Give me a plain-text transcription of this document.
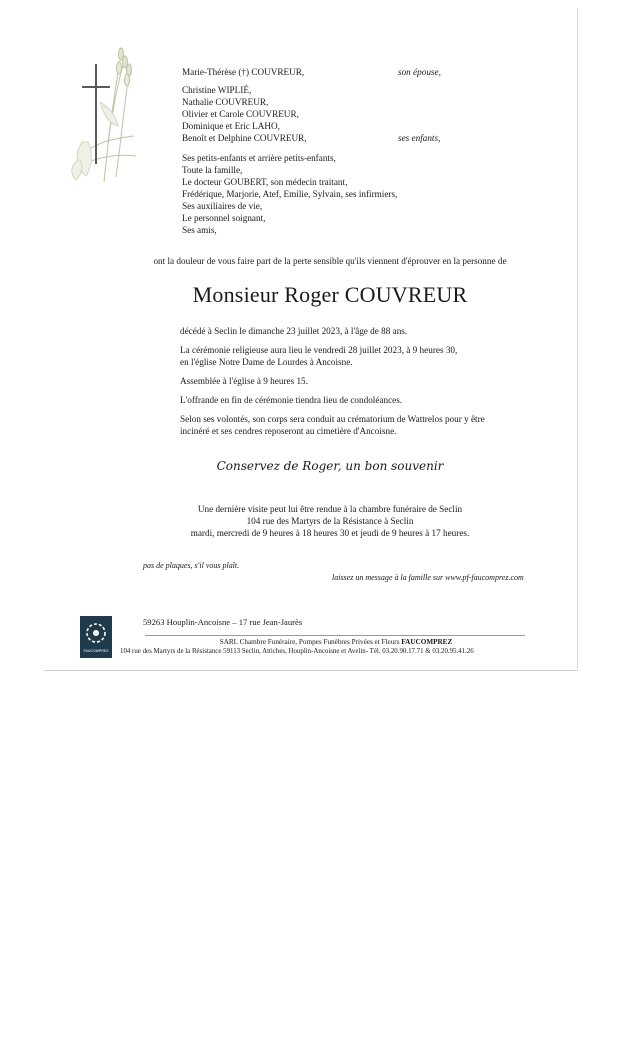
Marie-Thérèse (†) COUVREUR,	son épouse,
Christine WIPLIÉ,
Nathalie COUVREUR,
Olivier et Carole COUVREUR,
Dominique et Eric LAHO,
Benoît et Delphine COUVREUR,	ses enfants,
Ses petits-enfants et arrière petits-enfants,
Toute la famille,
Le docteur GOUBERT, son médecin traitant,
Frédérique, Marjorie, Atef, Emilie, Sylvain, ses infirmiers,
Ses auxiliaires de vie,
Le personnel soignant,
Ses amis,
ont la douleur de vous faire part de la perte sensible qu'ils viennent d'éprouver en la personne de
Monsieur Roger COUVREUR
décédé à Seclin le dimanche 23 juillet 2023, à l'âge de 88 ans.
La cérémonie religieuse aura lieu le vendredi 28 juillet 2023, à 9 heures 30,
en l'église Notre Dame de Lourdes à Ancoisne.
Assemblée à l'église à 9 heures 15.
L'offrande en fin de cérémonie tiendra lieu de condoléances.
Selon ses volontés, son corps sera conduit au crématorium de Wattrelos pour y être
incinéré et ses cendres reposeront au cimetière d'Ancoisne.
Conservez de Roger, un bon souvenir
Une dernière visite peut lui être rendue à la chambre funéraire de Seclin
104 rue des Martyrs de la Résistance à Seclin
mardi, mercredi de 9 heures à 18 heures 30 et jeudi de 9 heures à 17 heures.
pas de plaques, s'il vous plaît.
laissez un message à la famille sur www.pf-faucomprez.com
FAUCOMPREZ
59263 Houplin-Ancoisne – 17 rue Jean-Jaurès
SARL Chambre Funéraire, Pompes Funèbres Privées et Fleurs FAUCOMPREZ
104 rue des Martyrs de la Résistance 59113 Seclin, Attiches, Houplin-Ancoisne et Avelin- Tél. 03.20.90.17.71 & 03.20.95.41.26
